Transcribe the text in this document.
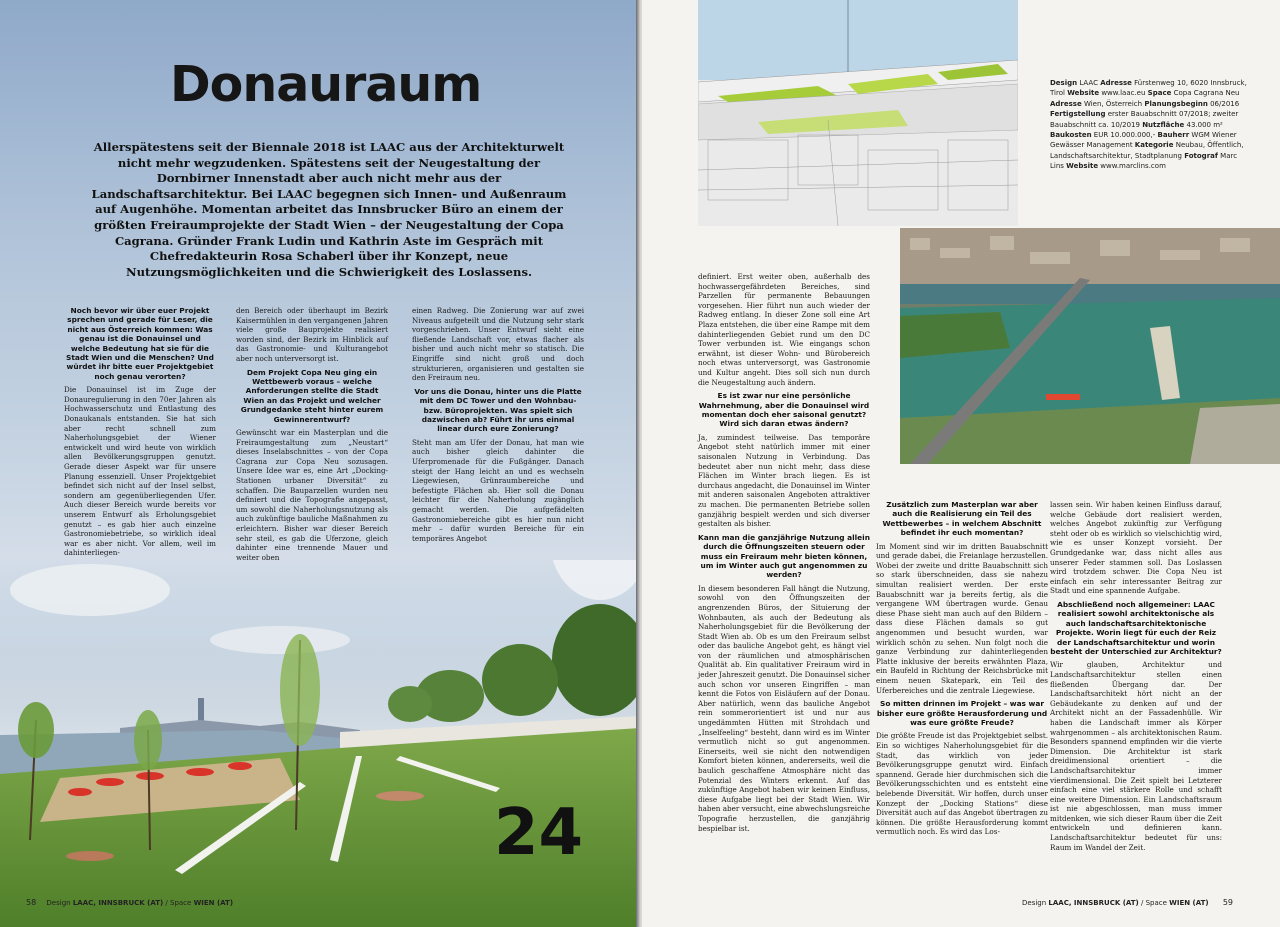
Donauraum

Allerspätestens seit der Biennale 2018 ist LAAC aus der Architekturwelt nicht mehr wegzudenken. Spätestens seit der Neugestaltung der Dornbirner Innenstadt aber auch nicht mehr aus der Landschaftsarchitektur. Bei LAAC begegnen sich Innen- und Außenraum auf Augenhöhe. Momentan arbeitet das Innsbrucker Büro an einem der größten Freiraumprojekte der Stadt Wien – der Neugestaltung der Copa Cagrana. Gründer Frank Ludin und Kathrin Aste im Gespräch mit Chefredakteurin Rosa Schaberl über ihr Konzept, neue Nutzungsmöglichkeiten und die Schwierigkeit des Loslassens.

Noch bevor wir über euer Projekt sprechen und gerade für Leser, die nicht aus Österreich kommen: Was genau ist die Donauinsel und welche Bedeutung hat sie für die Stadt Wien und die Menschen? Und würdet ihr bitte euer Projektgebiet noch genau verorten?

Die Donauinsel ist im Zuge der Donauregulierung in den 70er Jahren als Hochwasserschutz und Entlastung des Donaukanals entstanden. Sie hat sich aber recht schnell zum Naherholungsgebiet der Wiener entwickelt und wird heute von wirklich allen Bevölkerungsgruppen genutzt. Gerade dieser Aspekt war für unsere Planung essenziell. Unser Projektgebiet befindet sich nicht auf der Insel selbst, sondern am gegenüberliegenden Ufer. Auch dieser Bereich wurde bereits vor unserem Entwurf als Erholungsgebiet genutzt – es gab hier auch einzelne Gastronomiebetriebe, so wirklich ideal war es aber nicht. Vor allem, weil im dahinterliegen-

den Bereich oder überhaupt im Bezirk Kaisermühlen in den vergangenen Jahren viele große Bauprojekte realisiert worden sind, der Bezirk im Hinblick auf das Gastronomie- und Kulturangebot aber noch unterversorgt ist.

Dem Projekt Copa Neu ging ein Wettbewerb voraus – welche Anforderungen stellte die Stadt Wien an das Projekt und welcher Grundgedanke steht hinter eurem Gewinnerentwurf?

Gewünscht war ein Masterplan und die Freiraumgestaltung zum „Neustart“ dieses Inselabschnittes – von der Copa Cagrana zur Copa Neu sozusagen. Unsere Idee war es, eine Art „Docking-Stationen urbaner Diversität“ zu schaffen. Die Bauparzellen wurden neu definiert und die Topografie angepasst, um sowohl die Naherholungsnutzung als auch zukünftige bauliche Maßnahmen zu erleichtern. Bisher war dieser Bereich sehr steil, es gab die Uferzone, gleich dahinter eine trennende Mauer und weiter oben

einen Radweg. Die Zonierung war auf zwei Niveaus aufgeteilt und die Nutzung sehr stark vorgeschrieben. Unser Entwurf sieht eine fließende Landschaft vor, etwas flacher als bisher und auch nicht mehr so statisch. Die Eingriffe sind nicht groß und doch strukturieren, organisieren und gestalten sie den Freiraum neu.

Vor uns die Donau, hinter uns die Platte mit dem DC Tower und den Wohnbau- bzw. Büroprojekten. Was spielt sich dazwischen ab? Führt ihr uns einmal linear durch eure Zonierung?

Steht man am Ufer der Donau, hat man wie auch bisher gleich dahinter die Uferpromenade für die Fußgänger. Danach steigt der Hang leicht an und es wechseln Liegewiesen, Grünraumbereiche und befestigte Flächen ab. Hier soll die Donau leichter für die Naherholung zugänglich gemacht werden. Die aufgefädelten Gastronomiebereiche gibt es hier nun nicht mehr – dafür wurden Bereiche für ein temporäres Angebot

24
58 Design LAAC, INNSBRUCK (AT) / Space WIEN (AT)
Design LAAC Adresse Fürstenweg 10, 6020 Innsbruck, Tirol Website www.laac.eu Space Copa Cagrana Neu Adresse Wien, Österreich Planungsbeginn 06/2016 Fertigstellung erster Bauabschnitt 07/2018; zweiter Bauabschnitt ca. 10/2019 Nutzfläche 43.000 m² Baukosten EUR 10.000.000,- Bauherr WGM Wiener Gewässer Management Kategorie Neubau, Öffentlich, Landschaftsarchitektur, Stadtplanung Fotograf Marc Lins Website www.marclins.com

definiert. Erst weiter oben, außerhalb des hochwassergefährdeten Bereiches, sind Parzellen für permanente Bebauungen vorgesehen. Hier führt nun auch wieder der Radweg entlang. In dieser Zone soll eine Art Plaza entstehen, die über eine Rampe mit dem dahinterliegenden Gebiet rund um den DC Tower verbunden ist. Wie eingangs schon erwähnt, ist dieser Wohn- und Bürobereich noch etwas unterversorgt, was Gastronomie und Kultur angeht. Dies soll sich nun durch die Neugestaltung auch ändern.

Es ist zwar nur eine persönliche Wahrnehmung, aber die Donauinsel wird momentan doch eher saisonal genutzt? Wird sich daran etwas ändern?

Ja, zumindest teilweise. Das temporäre Angebot steht natürlich immer mit einer saisonalen Nutzung in Verbindung. Das bedeutet aber nun nicht mehr, dass diese Flächen im Winter brach liegen. Es ist durchaus angedacht, die Donauinsel im Winter mit anderen saisonalen Angeboten attraktiver zu machen. Die permanenten Betriebe sollen ganzjährig bespielt werden und sich diverser gestalten als bisher.

Kann man die ganzjährige Nutzung allein durch die Öffnungszeiten steuern oder muss ein Freiraum mehr bieten können, um im Winter auch gut angenommen zu werden?

In diesem besonderen Fall hängt die Nutzung, sowohl von den Öffnungszeiten der angrenzenden Büros, der Situierung der Wohnbauten, als auch der Bedeutung als Naherholungsgebiet für die Bevölkerung der Stadt Wien ab. Ob es um den Freiraum selbst oder das bauliche Angebot geht, es hängt viel von der räumlichen und atmosphärischen Qualität ab. Ein qualitativer Freiraum wird in jeder Jahreszeit genutzt. Die Donauinsel sicher auch schon vor unseren Eingriffen – man kennt die Fotos von Eisläufern auf der Donau. Aber natürlich, wenn das bauliche Angebot rein sommerorientiert ist und nur aus ungedämmten Hütten mit Strohdach und „Inselfeeling“ besteht, dann wird es im Winter vermutlich nicht so gut angenommen. Einerseits, weil sie nicht den notwendigen Komfort bieten können, andererseits, weil die baulich geschaffene Atmosphäre nicht das Potenzial des Winters erkennt. Auf das zukünftige Angebot haben wir keinen Einfluss, diese Aufgabe liegt bei der Stadt Wien. Wir haben aber versucht, eine abwechslungsreiche Topografie herzustellen, die ganzjährig bespielbar ist.

Zusätzlich zum Masterplan war aber auch die Realisierung ein Teil des Wettbewerbes – in welchem Abschnitt befindet ihr euch momentan?

Im Moment sind wir im dritten Bauabschnitt und gerade dabei, die Freianlage herzustellen. Wobei der zweite und dritte Bauabschnitt sich so stark überschneiden, dass sie nahezu simultan realisiert werden. Der erste Bauabschnitt war ja bereits fertig, als die vergangene WM übertragen wurde. Genau diese Phase sieht man auch auf den Bildern – dass diese Flächen damals so gut angenommen und besucht wurden, war wirklich schön zu sehen. Nun folgt noch die ganze Verbindung zur dahinterliegenden Platte inklusive der bereits erwähnten Plaza, ein Baufeld in Richtung der Reichsbrücke mit einem neuen Skatepark, ein Teil des Uferbereiches und die zentrale Liegewiese.

So mitten drinnen im Projekt – was war bisher eure größte Herausforderung und was eure größte Freude?

Die größte Freude ist das Projektgebiet selbst. Ein so wichtiges Naherholungsgebiet für die Stadt, das wirklich von jeder Bevölkerungsgruppe genutzt wird. Einfach spannend. Gerade hier durchmischen sich die Bevölkerungsschichten und es entsteht eine belebende Diversität. Wir hoffen, durch unser Konzept der „Docking Stations“ diese Diversität auch auf das Angebot übertragen zu können. Die größte Herausforderung kommt vermutlich noch. Es wird das Los-

lassen sein. Wir haben keinen Einfluss darauf, welche Gebäude dort realisiert werden, welches Angebot zukünftig zur Verfügung steht oder ob es wirklich so vielschichtig wird, wie es unser Konzept vorsieht. Der Grundgedanke war, dass nicht alles aus unserer Feder stammen soll. Das Loslassen wird trotzdem schwer. Die Copa Neu ist einfach ein sehr interessanter Beitrag zur Stadt und eine spannende Aufgabe.

Abschließend noch allgemeiner: LAAC realisiert sowohl architektonische als auch landschaftsarchitektonische Projekte. Worin liegt für euch der Reiz der Landschaftsarchitektur und worin besteht der Unterschied zur Architektur?

Wir glauben, Architektur und Landschaftsarchitektur stellen einen fließenden Übergang dar. Der Landschaftsarchitekt hört nicht an der Gebäudekante zu denken auf und der Architekt nicht an der Fassadenhülle. Wir haben die Landschaft immer als Körper wahrgenommen – als architektonischen Raum. Besonders spannend empfinden wir die vierte Dimension. Die Architektur ist stark dreidimensional orientiert – die Landschaftsarchitektur immer vierdimensional. Die Zeit spielt bei Letzterer einfach eine viel stärkere Rolle und schafft eine weitere Dimension. Ein Landschaftsraum ist nie abgeschlossen, man muss immer mitdenken, wie sich dieser Raum über die Zeit entwickeln und definieren kann. Landschaftsarchitektur bedeutet für uns: Raum im Wandel der Zeit.

Design LAAC, INNSBRUCK (AT) / Space WIEN (AT) 59
